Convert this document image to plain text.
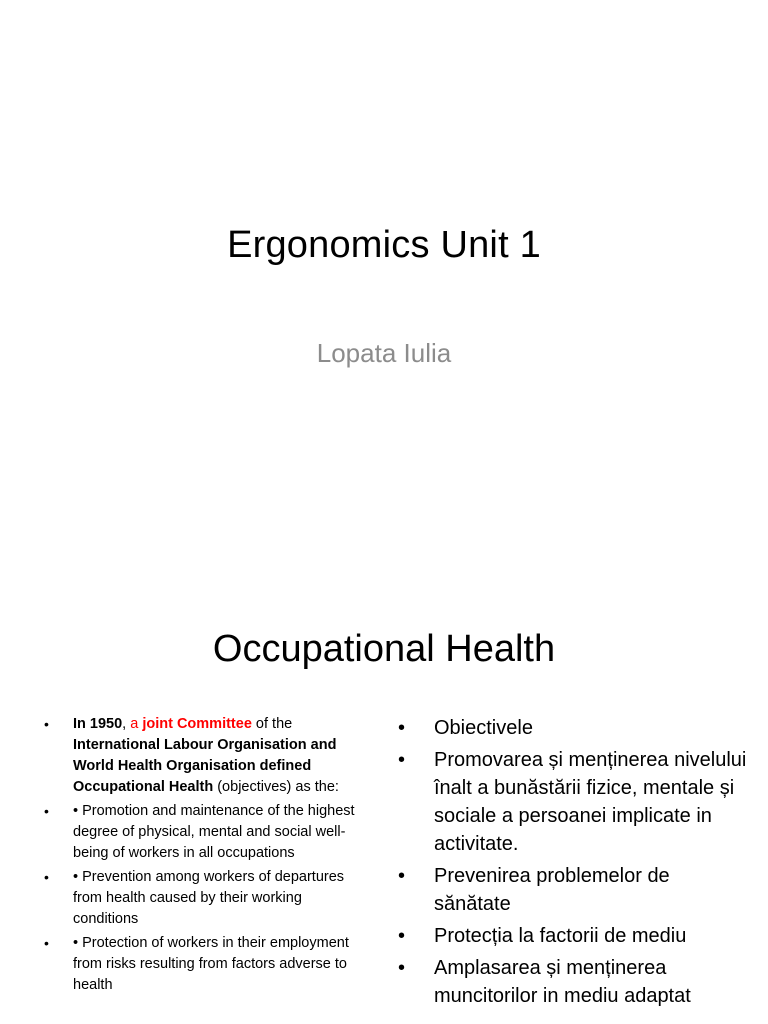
Ergonomics Unit 1
Lopata Iulia
Occupational Health
• In 1950, a joint Committee of the International Labour Organisation and World Health Organisation defined Occupational Health (objectives) as the:
• • Promotion and maintenance of the highest degree of physical, mental and social well-being of workers in all occupations
• • Prevention among workers of departures from health caused by their working conditions
• • Protection of workers in their employment from risks resulting from factors adverse to health
• Obiectivele
• Promovarea și menținerea nivelului înalt a bunăstării fizice, mentale și sociale a persoanei implicate in activitate.
• Prevenirea problemelor de sănătate
• Protecția la factorii de mediu
• Amplasarea și menținerea muncitorilor in mediu adaptat
